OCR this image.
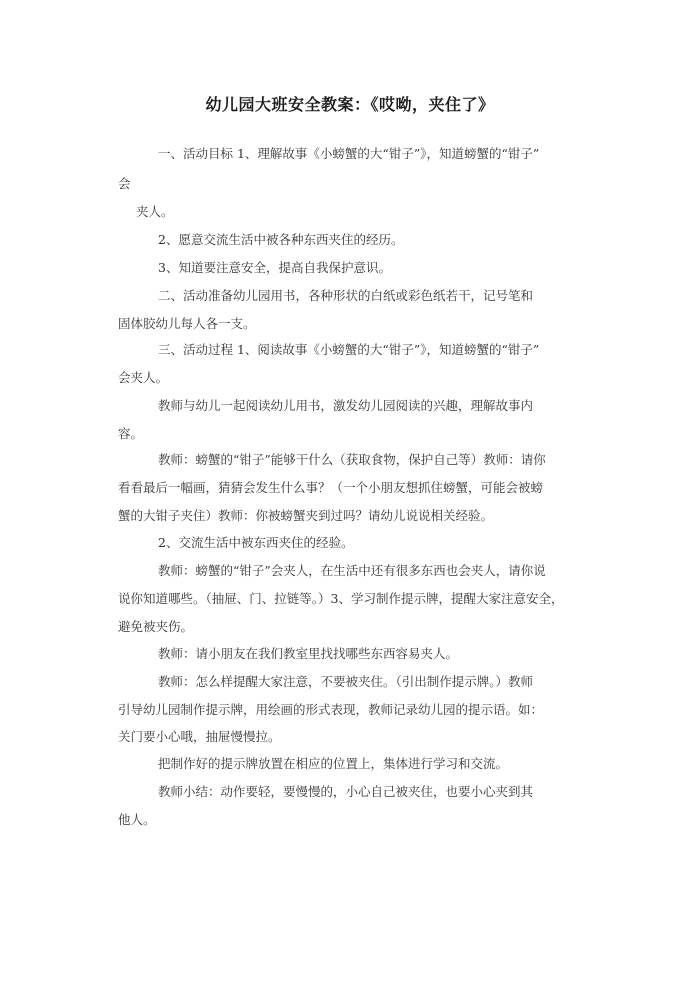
幼儿园大班安全教案：《哎呦，夹住了》
一、活动目标 1、理解故事《小螃蟹的大“钳子”》，知道螃蟹的“钳子”
会
夹人。
2、愿意交流生活中被各种东西夹住的经历。
3、知道要注意安全，提高自我保护意识。
二、活动准备幼儿园用书，各种形状的白纸或彩色纸若干，记号笔和
固体胶幼儿每人各一支。
三、活动过程 1、阅读故事《小螃蟹的大“钳子”》，知道螃蟹的“钳子”
会夹人。
教师与幼儿一起阅读幼儿用书，激发幼儿园阅读的兴趣，理解故事内
容。
教师：螃蟹的“钳子”能够干什么（获取食物，保护自己等）教师：请你
看看最后一幅画，猜猜会发生什么事？（一个小朋友想抓住螃蟹，可能会被螃
蟹的大钳子夹住）教师：你被螃蟹夹到过吗？请幼儿说说相关经验。
2、交流生活中被东西夹住的经验。
教师：螃蟹的“钳子”会夹人，在生活中还有很多东西也会夹人，请你说
说你知道哪些。（抽屉、门、拉链等。）3、学习制作提示牌，提醒大家注意安全，
避免被夹伤。
教师：请小朋友在我们教室里找找哪些东西容易夹人。
教师：怎么样提醒大家注意，不要被夹住。（引出制作提示牌。）教师
引导幼儿园制作提示牌，用绘画的形式表现，教师记录幼儿园的提示语。如：
关门要小心哦，抽屉慢慢拉。
把制作好的提示牌放置在相应的位置上，集体进行学习和交流。
教师小结：动作要轻，要慢慢的，小心自己被夹住，也要小心夹到其
他人。
